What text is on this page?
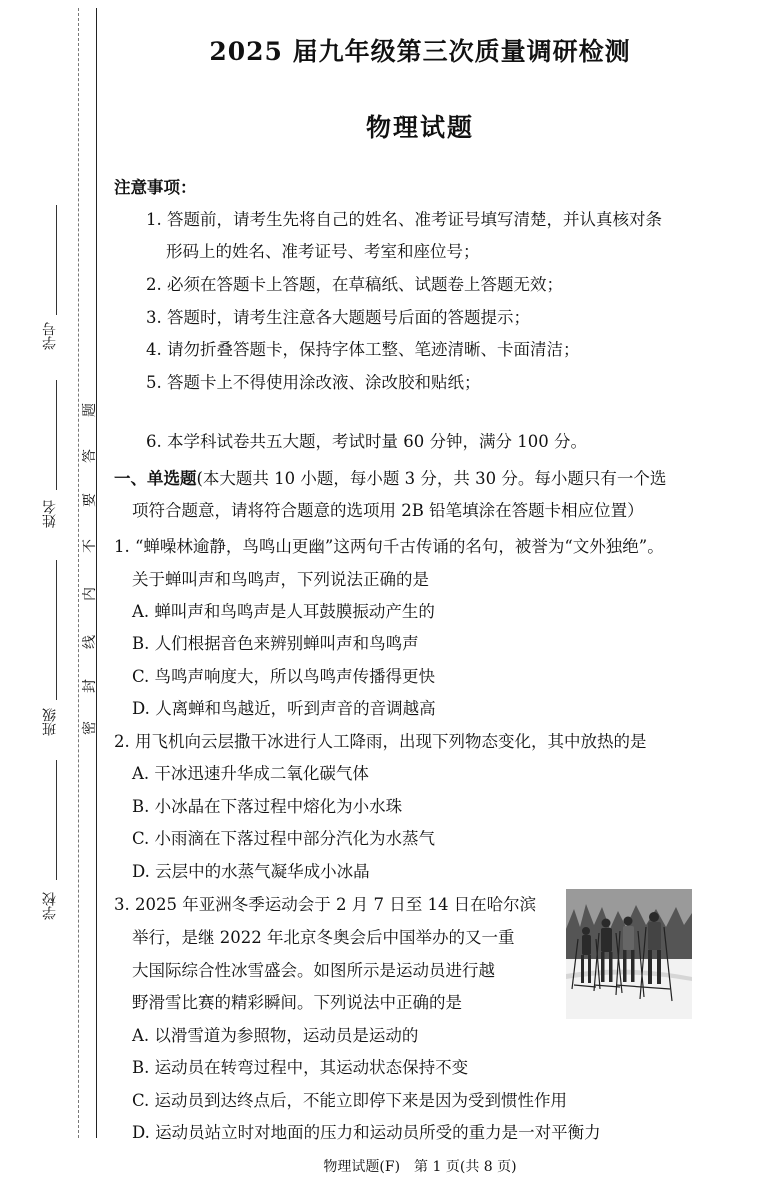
学号
姓名
班级
学校
密
封
线
内
不
要
答
题
2025 届九年级第三次质量调研检测
物理试题
注意事项：
1. 答题前，请考生先将自己的姓名、准考证号填写清楚，并认真核对条
形码上的姓名、准考证号、考室和座位号；
2. 必须在答题卡上答题，在草稿纸、试题卷上答题无效；
3. 答题时，请考生注意各大题题号后面的答题提示；
4. 请勿折叠答题卡，保持字体工整、笔迹清晰、卡面清洁；
5. 答题卡上不得使用涂改液、涂改胶和贴纸；
6. 本学科试卷共五大题，考试时量 60 分钟，满分 100 分。
一、单选题(本大题共 10 小题，每小题 3 分，共 30 分。每小题只有一个选
项符合题意，请将符合题意的选项用 2B 铅笔填涂在答题卡相应位置）
1. “蝉噪林逾静，鸟鸣山更幽”这两句千古传诵的名句，被誉为“文外独绝”。
关于蝉叫声和鸟鸣声，下列说法正确的是
A. 蝉叫声和鸟鸣声是人耳鼓膜振动产生的
B. 人们根据音色来辨别蝉叫声和鸟鸣声
C. 鸟鸣声响度大，所以鸟鸣声传播得更快
D. 人离蝉和鸟越近，听到声音的音调越高
2. 用飞机向云层撒干冰进行人工降雨，出现下列物态变化，其中放热的是
A. 干冰迅速升华成二氧化碳气体
B. 小冰晶在下落过程中熔化为小水珠
C. 小雨滴在下落过程中部分汽化为水蒸气
D. 云层中的水蒸气凝华成小冰晶
3. 2025 年亚洲冬季运动会于 2 月 7 日至 14 日在哈尔滨
举行，是继 2022 年北京冬奥会后中国举办的又一重
大国际综合性冰雪盛会。如图所示是运动员进行越
野滑雪比赛的精彩瞬间。下列说法中正确的是
A. 以滑雪道为参照物，运动员是运动的
B. 运动员在转弯过程中，其运动状态保持不变
C. 运动员到达终点后，不能立即停下来是因为受到惯性作用
D. 运动员站立时对地面的压力和运动员所受的重力是一对平衡力
物理试题(F)　第 1 页(共 8 页)
